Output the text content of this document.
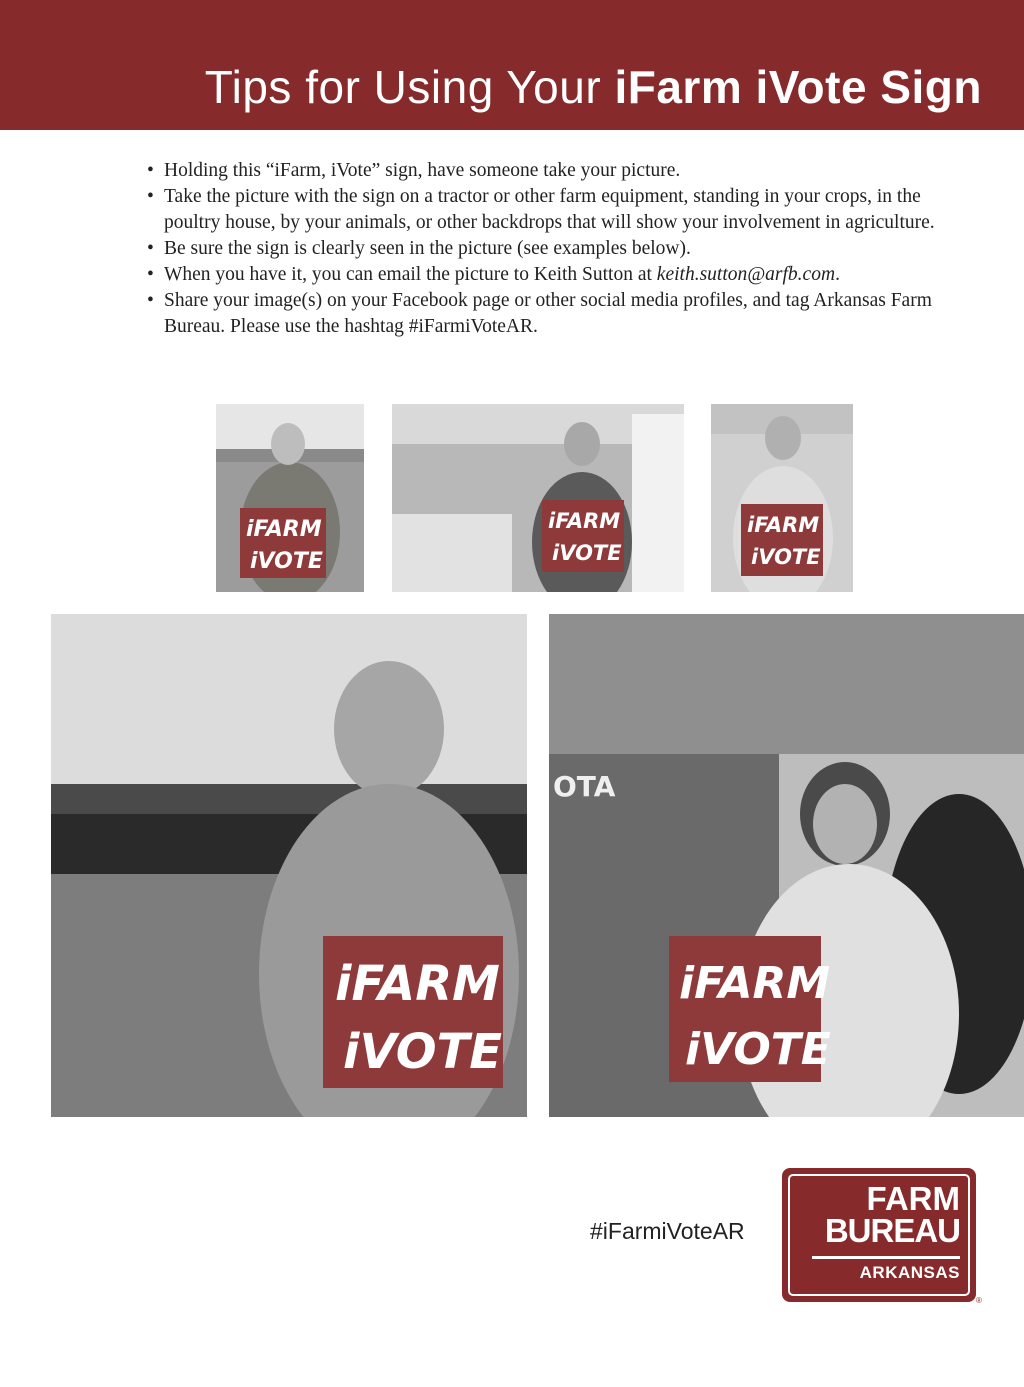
Tips for Using Your iFarm iVote Sign
• Holding this “iFarm, iVote” sign, have someone take your picture.
• Take the picture with the sign on a tractor or other farm equipment, standing in your crops, in the poultry house, by your animals, or other backdrops that will show your involvement in agriculture.
• Be sure the sign is clearly seen in the picture (see examples below).
• When you have it, you can email the picture to Keith Sutton at keith.sutton@arfb.com.
• Share your image(s) on your Facebook page or other social media profiles, and tag Arkansas Farm Bureau. Please use the hashtag #iFarmiVoteAR.
iFARM
iVOTE
iFARM
iVOTE
iFARM
iVOTE
iFARM
iVOTE
OTA
iFARM
iVOTE
#iFarmiVoteAR
FARM
BUREAU
ARKANSAS
®
